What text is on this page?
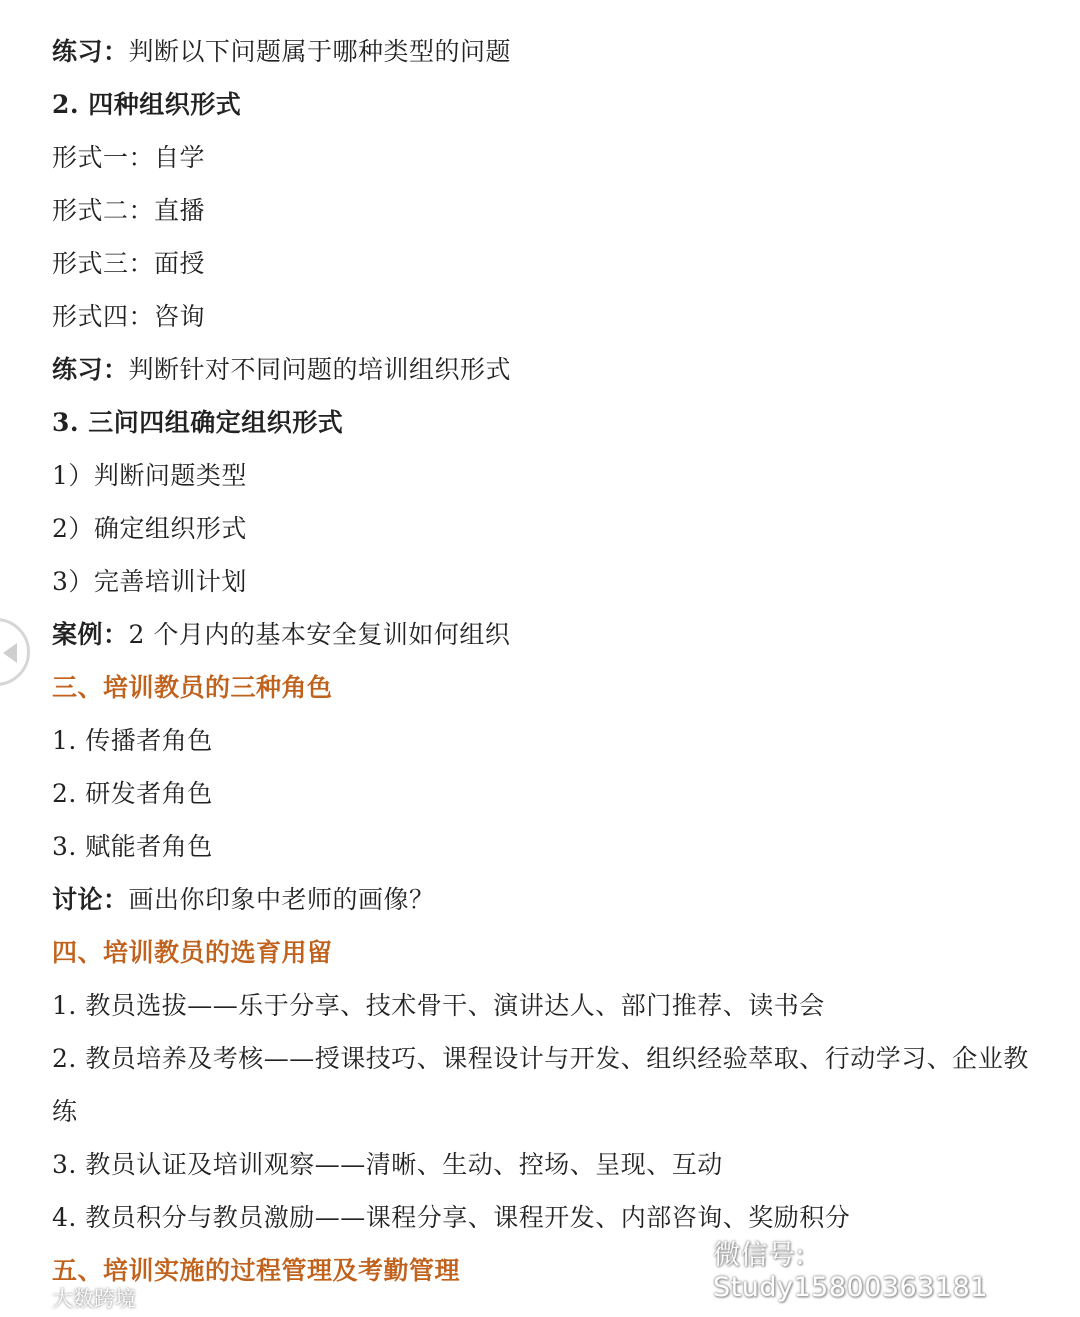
练习：判断以下问题属于哪种类型的问题
2. 四种组织形式
形式一：自学
形式二：直播
形式三：面授
形式四：咨询
练习：判断针对不同问题的培训组织形式
3. 三问四组确定组织形式
1）判断问题类型
2）确定组织形式
3）完善培训计划
案例：2 个月内的基本安全复训如何组织
三、培训教员的三种角色
1. 传播者角色
2. 研发者角色
3. 赋能者角色
讨论：画出你印象中老师的画像？
四、培训教员的选育用留
1. 教员选拔——乐于分享、技术骨干、演讲达人、部门推荐、读书会
2. 教员培养及考核——授课技巧、课程设计与开发、组织经验萃取、行动学习、企业教
练
3. 教员认证及培训观察——清晰、生动、控场、呈现、互动
4. 教员积分与教员激励——课程分享、课程开发、内部咨询、奖励积分
五、培训实施的过程管理及考勤管理	微信号: Study15800363181
大数跨境
